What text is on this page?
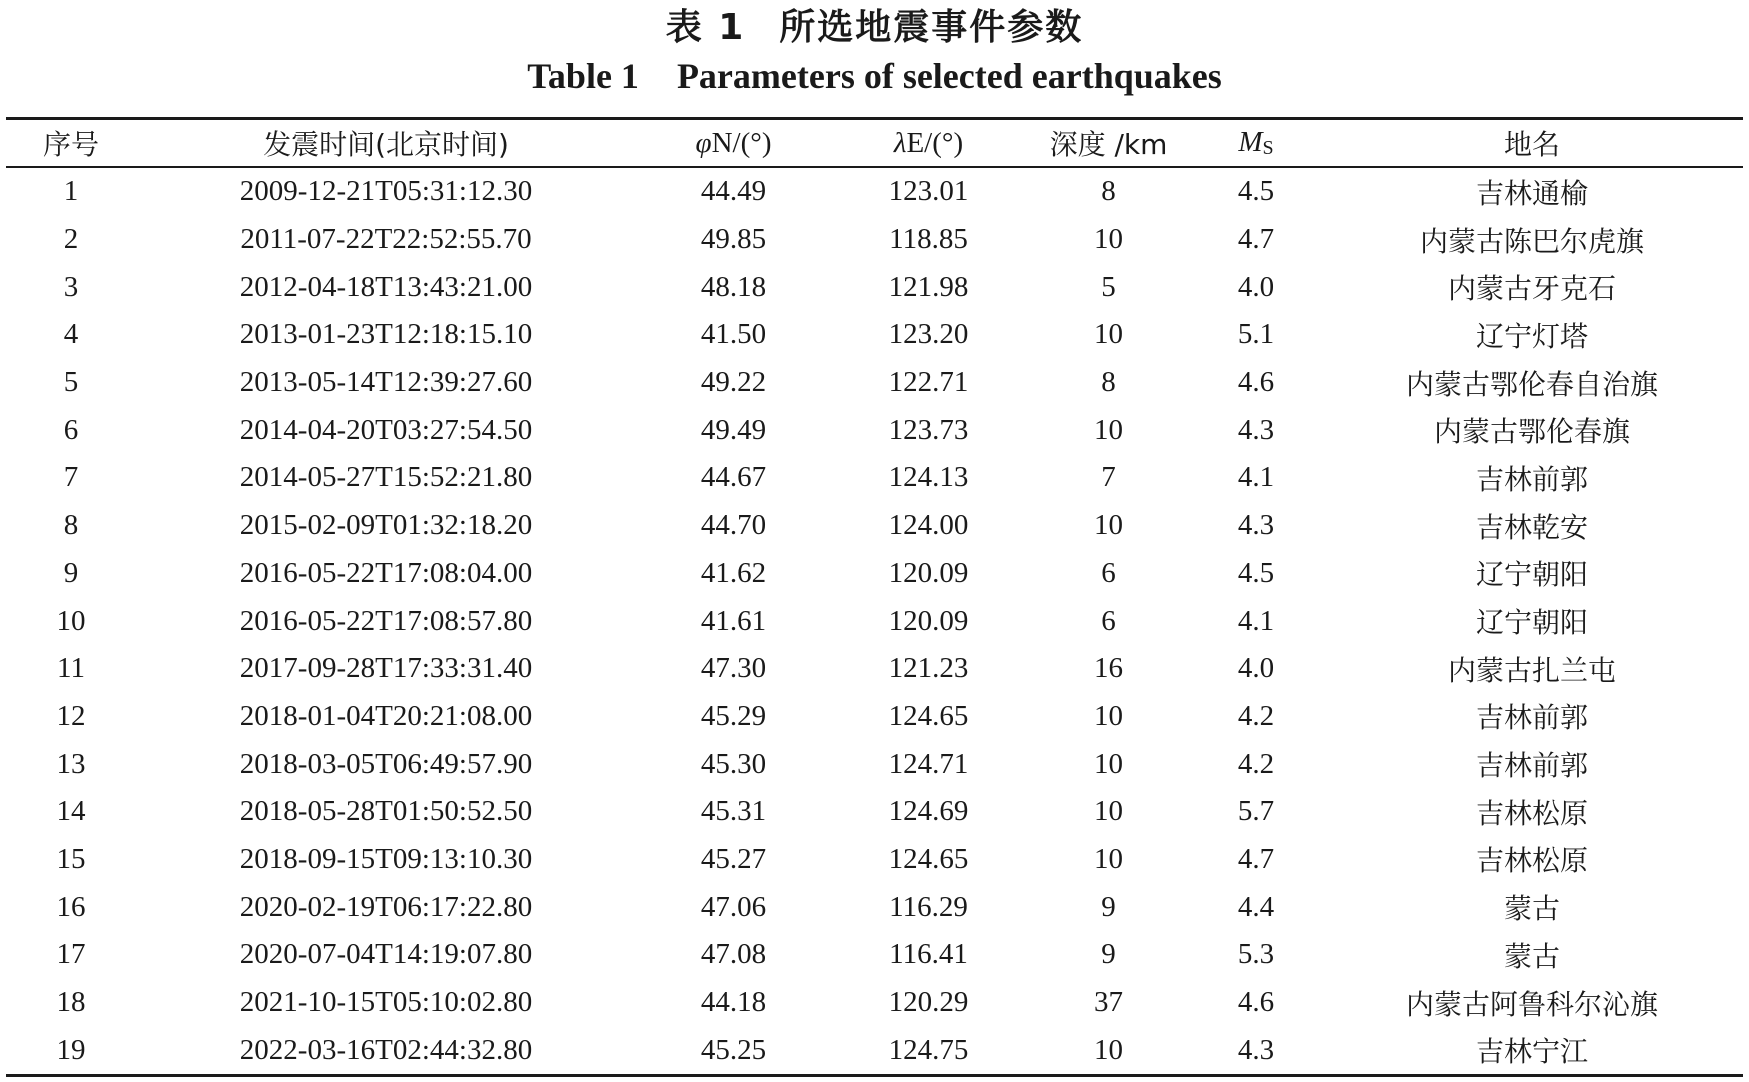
表 1 所选地震事件参数
Table 1 Parameters of selected earthquakes
序号	发震时间(北京时间)	φN/(°)	λE/(°)	深度 /km	MS	地名

1	2009-12-21T05:31:12.30	44.49	123.01	8	4.5	吉林通榆
2	2011-07-22T22:52:55.70	49.85	118.85	10	4.7	内蒙古陈巴尔虎旗
3	2012-04-18T13:43:21.00	48.18	121.98	5	4.0	内蒙古牙克石
4	2013-01-23T12:18:15.10	41.50	123.20	10	5.1	辽宁灯塔
5	2013-05-14T12:39:27.60	49.22	122.71	8	4.6	内蒙古鄂伦春自治旗
6	2014-04-20T03:27:54.50	49.49	123.73	10	4.3	内蒙古鄂伦春旗
7	2014-05-27T15:52:21.80	44.67	124.13	7	4.1	吉林前郭
8	2015-02-09T01:32:18.20	44.70	124.00	10	4.3	吉林乾安
9	2016-05-22T17:08:04.00	41.62	120.09	6	4.5	辽宁朝阳
10	2016-05-22T17:08:57.80	41.61	120.09	6	4.1	辽宁朝阳
11	2017-09-28T17:33:31.40	47.30	121.23	16	4.0	内蒙古扎兰屯
12	2018-01-04T20:21:08.00	45.29	124.65	10	4.2	吉林前郭
13	2018-03-05T06:49:57.90	45.30	124.71	10	4.2	吉林前郭
14	2018-05-28T01:50:52.50	45.31	124.69	10	5.7	吉林松原
15	2018-09-15T09:13:10.30	45.27	124.65	10	4.7	吉林松原
16	2020-02-19T06:17:22.80	47.06	116.29	9	4.4	蒙古
17	2020-07-04T14:19:07.80	47.08	116.41	9	5.3	蒙古
18	2021-10-15T05:10:02.80	44.18	120.29	37	4.6	内蒙古阿鲁科尔沁旗
19	2022-03-16T02:44:32.80	45.25	124.75	10	4.3	吉林宁江
